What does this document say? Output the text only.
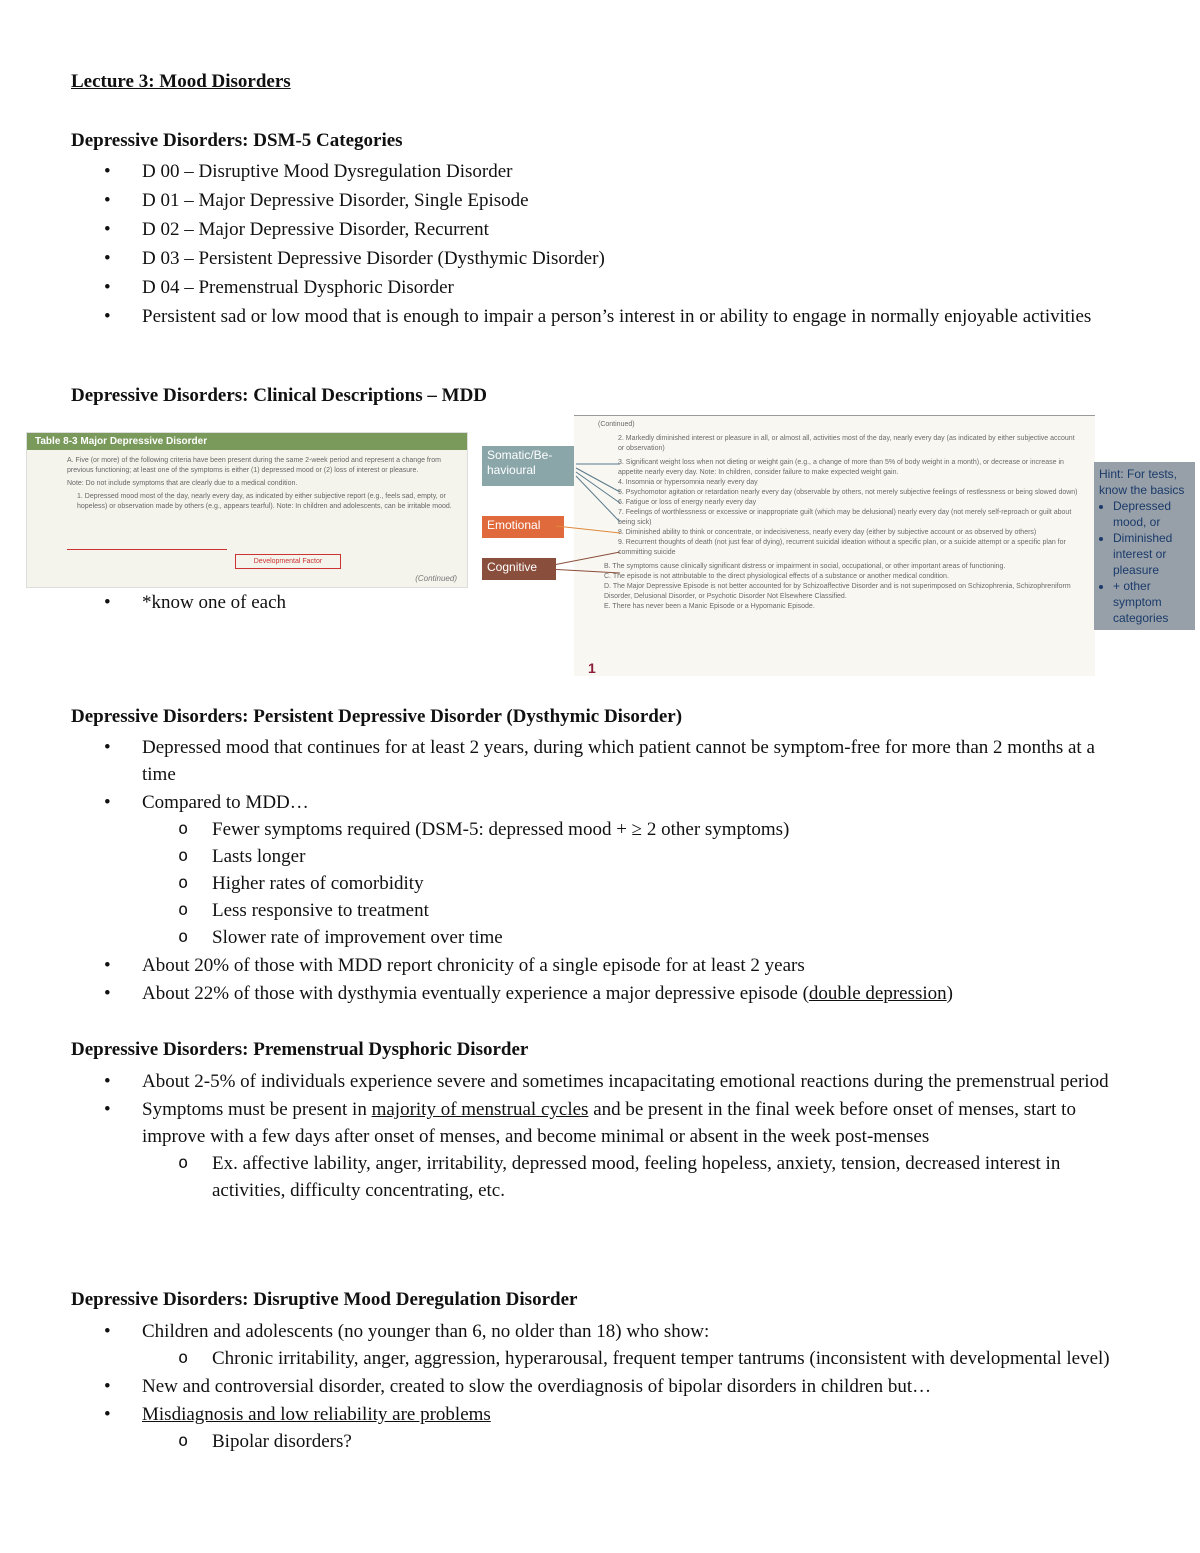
Lecture 3: Mood Disorders
Depressive Disorders: DSM-5 Categories
• D 00 – Disruptive Mood Dysregulation Disorder
• D 01 – Major Depressive Disorder, Single Episode
• D 02 – Major Depressive Disorder, Recurrent
• D 03 – Persistent Depressive Disorder (Dysthymic Disorder)
• D 04 – Premenstrual Dysphoric Disorder
• Persistent sad or low mood that is enough to impair a person’s interest in or ability to engage in normally enjoyable activities
Depressive Disorders: Clinical Descriptions – MDD
Table 8-3 Major Depressive Disorder
A. Five (or more) of the following criteria have been present during the same 2-week period and represent a change from previous functioning; at least one of the symptoms is either (1) depressed mood or (2) loss of interest or pleasure.
Note: Do not include symptoms that are clearly due to a medical condition.
1. Depressed mood most of the day, nearly every day, as indicated by either subjective report (e.g., feels sad, empty, or hopeless) or observation made by others (e.g., appears tearful). Note: In children and adolescents, can be irritable mood.
Developmental Factor
(Continued)
Somatic/Be-havioural
Emotional
Cognitive
(Continued)
2. Markedly diminished interest or pleasure in all, or almost all, activities most of the day, nearly every day (as indicated by either subjective account or observation)
3. Significant weight loss when not dieting or weight gain (e.g., a change of more than 5% of body weight in a month), or decrease or increase in appetite nearly every day. Note: In children, consider failure to make expected weight gain.
4. Insomnia or hypersomnia nearly every day
5. Psychomotor agitation or retardation nearly every day (observable by others, not merely subjective feelings of restlessness or being slowed down)
6. Fatigue or loss of energy nearly every day
7. Feelings of worthlessness or excessive or inappropriate guilt (which may be delusional) nearly every day (not merely self-reproach or guilt about being sick)
8. Diminished ability to think or concentrate, or indecisiveness, nearly every day (either by subjective account or as observed by others)
9. Recurrent thoughts of death (not just fear of dying), recurrent suicidal ideation without a specific plan, or a suicide attempt or a specific plan for committing suicide
B. The symptoms cause clinically significant distress or impairment in social, occupational, or other important areas of functioning.
C. The episode is not attributable to the direct physiological effects of a substance or another medical condition.
D. The Major Depressive Episode is not better accounted for by Schizoaffective Disorder and is not superimposed on Schizophrenia, Schizophreniform Disorder, Delusional Disorder, or Psychotic Disorder Not Elsewhere Classified.
E. There has never been a Manic Episode or a Hypomanic Episode.
1
Hint: For tests, know the basics
• Depressed mood, or
• Diminished interest or pleasure
• + other symptom categories
• *know one of each
Depressive Disorders: Persistent Depressive Disorder (Dysthymic Disorder)
• Depressed mood that continues for at least 2 years, during which patient cannot be symptom-free for more than 2 months at a time
• Compared to MDD…
o Fewer symptoms required (DSM-5: depressed mood + ≥ 2 other symptoms)
o Lasts longer
o Higher rates of comorbidity
o Less responsive to treatment
o Slower rate of improvement over time
• About 20% of those with MDD report chronicity of a single episode for at least 2 years
• About 22% of those with dysthymia eventually experience a major depressive episode (double depression)
Depressive Disorders: Premenstrual Dysphoric Disorder
• About 2-5% of individuals experience severe and sometimes incapacitating emotional reactions during the premenstrual period
• Symptoms must be present in majority of menstrual cycles and be present in the final week before onset of menses, start to improve with a few days after onset of menses, and become minimal or absent in the week post-menses
o Ex. affective lability, anger, irritability, depressed mood, feeling hopeless, anxiety, tension, decreased interest in activities, difficulty concentrating, etc.
Depressive Disorders: Disruptive Mood Deregulation Disorder
• Children and adolescents (no younger than 6, no older than 18) who show:
o Chronic irritability, anger, aggression, hyperarousal, frequent temper tantrums (inconsistent with developmental level)
• New and controversial disorder, created to slow the overdiagnosis of bipolar disorders in children but…
• Misdiagnosis and low reliability are problems
o Bipolar disorders?
